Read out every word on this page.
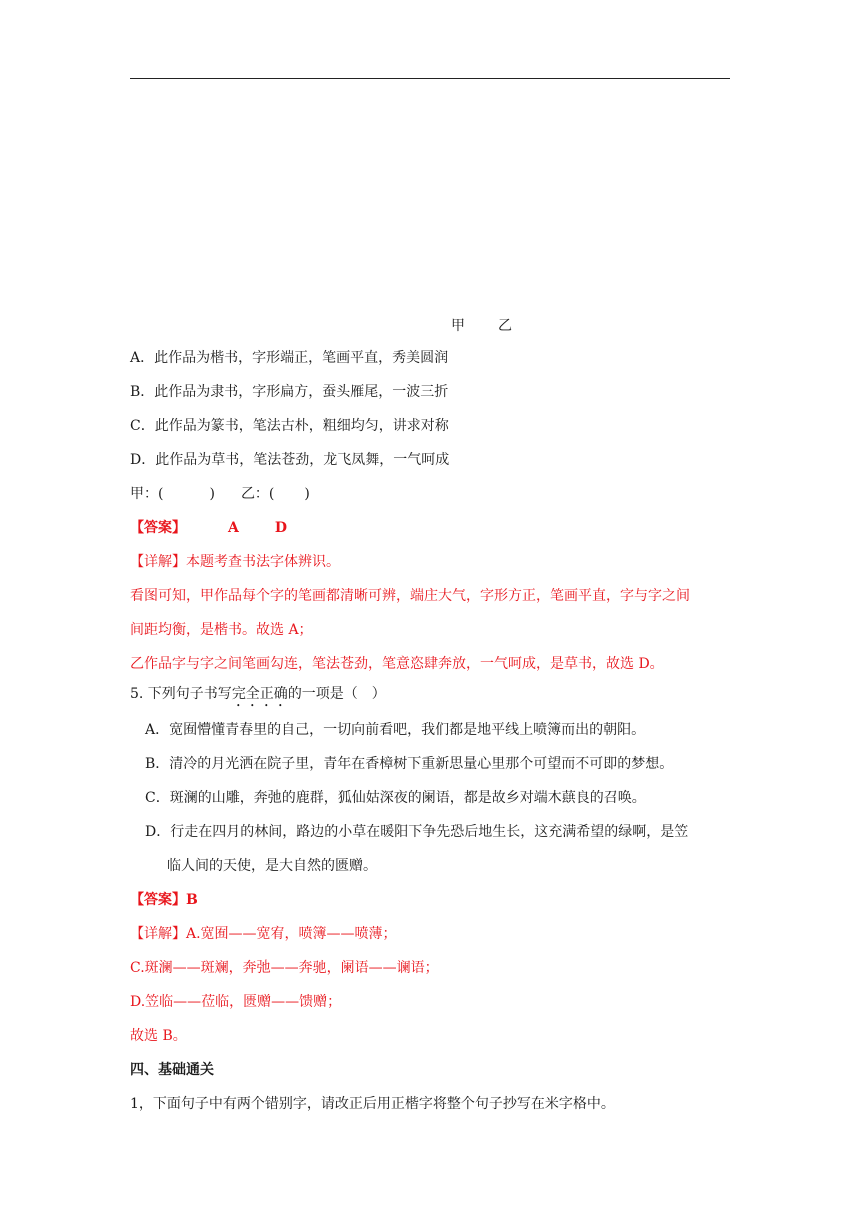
甲 乙
A．此作品为楷书，字形端正，笔画平直，秀美圆润
B．此作品为隶书，字形扁方，蚕头雁尾，一波三折
C．此作品为篆书，笔法古朴，粗细均匀，讲求对称
D．此作品为草书，笔法苍劲，龙飞凤舞，一气呵成
甲：(	) 乙：( )
【答案】	A	D
【详解】本题考查书法字体辨识。
看图可知，甲作品每个字的笔画都清晰可辨，端庄大气，字形方正，笔画平直，字与字之间
间距均衡，是楷书。故选 A；
乙作品字与字之间笔画勾连，笔法苍劲，笔意恣肆奔放，一气呵成，是草书，故选 D。
5. 下列句子书写完全正确的一项是（　）
A．宽囿懵懂青春里的自己，一切向前看吧，我们都是地平线上喷簿而出的朝阳。
B．清冷的月光洒在院子里，青年在香樟树下重新思量心里那个可望而不可即的梦想。
C．斑澜的山雕，奔弛的鹿群，狐仙姑深夜的阑语，都是故乡对端木蕻良的召唤。
D．行走在四月的林间，路边的小草在暖阳下争先恐后地生长，这充满希望的绿啊，是笠
临人间的天使，是大自然的匮赠。
【答案】B
【详解】A.宽囿——宽宥，喷簿——喷薄；
C.斑澜——斑斓，奔弛——奔驰，阑语——谰语；
D.笠临——莅临，匮赠——馈赠；
故选 B。
四、基础通关
1，下面句子中有两个错别字，请改正后用正楷字将整个句子抄写在米字格中。
